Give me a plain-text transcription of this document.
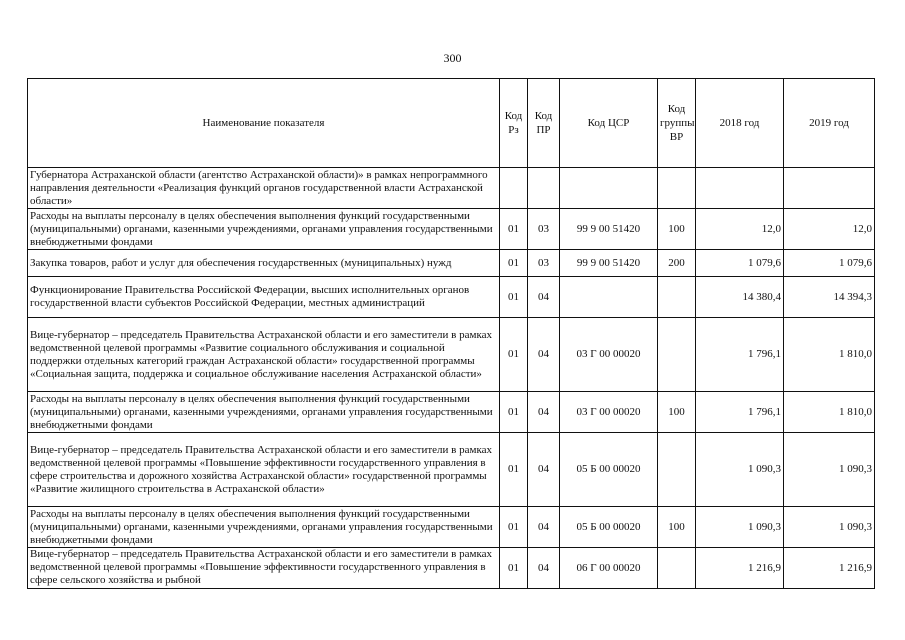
300
Наименование показателя	Код Рз	Код ПР	Код ЦСР	Код группы ВР	2018 год	2019 год
Губернатора Астраханской области (агентство Астраханской области)» в рамках непрограммного направления деятельности «Реализация функций органов государственной власти Астраханской области»						
Расходы на выплаты персоналу в целях обеспечения выполнения функций государственными (муниципальными) органами, казенными учреждениями, органами управления государственными внебюджетными фондами	01	03	99 9 00 51420	100	12,0	12,0
Закупка товаров, работ и услуг для обеспечения государственных (муниципальных) нужд	01	03	99 9 00 51420	200	1 079,6	1 079,6
Функционирование Правительства Российской Федерации, высших исполнительных органов государственной власти субъектов Российской Федерации, местных администраций	01	04			14 380,4	14 394,3
Вице-губернатор – председатель Правительства Астраханской области и его заместители в рамках ведомственной целевой программы «Развитие социального обслуживания и социальной поддержки отдельных категорий граждан Астраханской области» государственной программы «Социальная защита, поддержка и социальное обслуживание населения Астраханской области»	01	04	03 Г 00 00020		1 796,1	1 810,0
Расходы на выплаты персоналу в целях обеспечения выполнения функций государственными (муниципальными) органами, казенными учреждениями, органами управления государственными внебюджетными фондами	01	04	03 Г 00 00020	100	1 796,1	1 810,0
Вице-губернатор – председатель Правительства Астраханской области и его заместители в рамках ведомственной целевой программы «Повышение эффективности государственного управления в сфере строительства и дорожного хозяйства Астраханской области» государственной программы «Развитие жилищного строительства в Астраханской области»	01	04	05 Б 00 00020		1 090,3	1 090,3
Расходы на выплаты персоналу в целях обеспечения выполнения функций государственными (муниципальными) органами, казенными учреждениями, органами управления государственными внебюджетными фондами	01	04	05 Б 00 00020	100	1 090,3	1 090,3
Вице-губернатор – председатель Правительства Астраханской области и его заместители в рамках ведомственной целевой программы «Повышение эффективности государственного управления в сфере сельского хозяйства и рыбной	01	04	06 Г 00 00020		1 216,9	1 216,9
